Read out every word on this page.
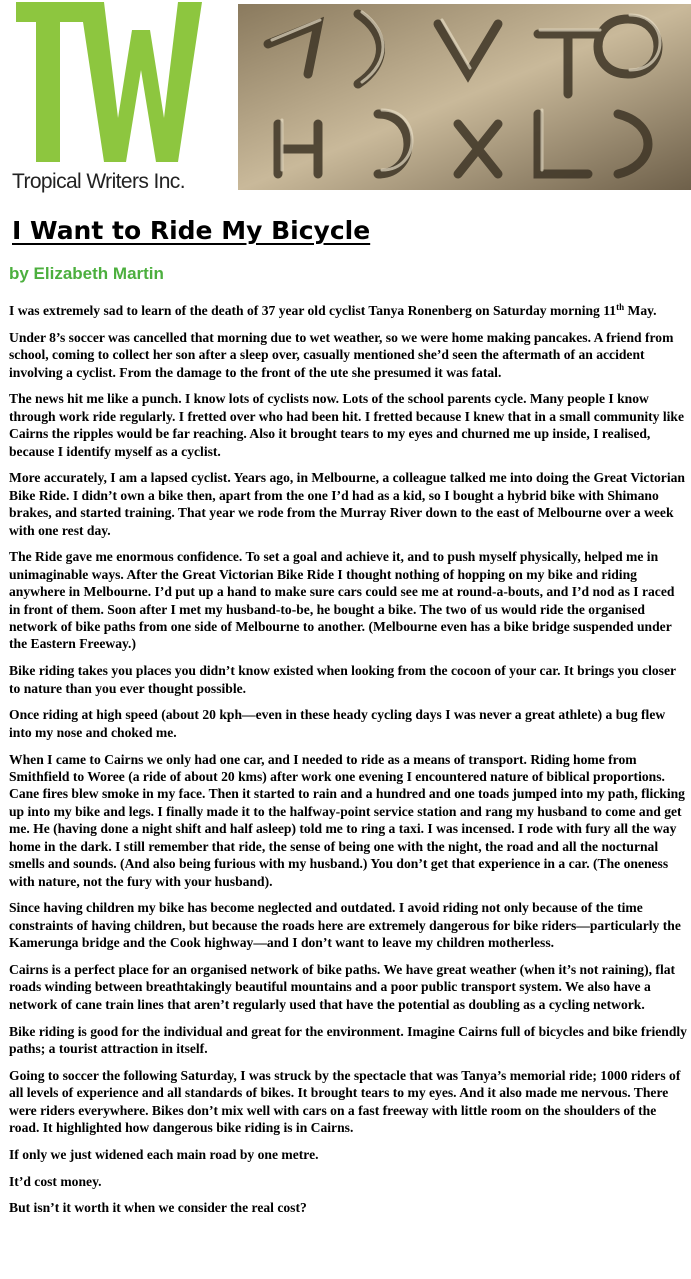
Tropical Writers Inc.
I Want to Ride My Bicycle
by Elizabeth Martin

I was extremely sad to learn of the death of 37 year old cyclist Tanya Ronenberg on Saturday morning 11th May.

Under 8’s soccer was cancelled that morning due to wet weather, so we were home making pancakes. A friend from school, coming to collect her son after a sleep over, casually mentioned she’d seen the aftermath of an accident involving a cyclist. From the damage to the front of the ute she presumed it was fatal.

The news hit me like a punch. I know lots of cyclists now. Lots of the school parents cycle. Many people I know through work ride regularly. I fretted over who had been hit. I fretted because I knew that in a small community like Cairns the ripples would be far reaching. Also it brought tears to my eyes and churned me up inside, I realised, because I identify myself as a cyclist.

More accurately, I am a lapsed cyclist. Years ago, in Melbourne, a colleague talked me into doing the Great Victorian Bike Ride. I didn’t own a bike then, apart from the one I’d had as a kid, so I bought a hybrid bike with Shimano brakes, and started training. That year we rode from the Murray River down to the east of Melbourne over a week with one rest day.

The Ride gave me enormous confidence. To set a goal and achieve it, and to push myself physically, helped me in unimaginable ways. After the Great Victorian Bike Ride I thought nothing of hopping on my bike and riding anywhere in Melbourne. I’d put up a hand to make sure cars could see me at round-a-bouts, and I’d nod as I raced in front of them. Soon after I met my husband-to-be, he bought a bike. The two of us would ride the organised network of bike paths from one side of Melbourne to another. (Melbourne even has a bike bridge suspended under the Eastern Freeway.)

Bike riding takes you places you didn’t know existed when looking from the cocoon of your car. It brings you closer to nature than you ever thought possible.

Once riding at high speed (about 20 kph—even in these heady cycling days I was never a great athlete) a bug flew into my nose and choked me.

When I came to Cairns we only had one car, and I needed to ride as a means of transport. Riding home from Smithfield to Woree (a ride of about 20 kms) after work one evening I encountered nature of biblical proportions. Cane fires blew smoke in my face. Then it started to rain and a hundred and one toads jumped into my path, flicking up into my bike and legs. I finally made it to the halfway-point service station and rang my husband to come and get me. He (having done a night shift and half asleep) told me to ring a taxi. I was incensed. I rode with fury all the way home in the dark. I still remember that ride, the sense of being one with the night, the road and all the nocturnal smells and sounds. (And also being furious with my husband.) You don’t get that experience in a car. (The oneness with nature, not the fury with your husband).

Since having children my bike has become neglected and outdated. I avoid riding not only because of the time constraints of having children, but because the roads here are extremely dangerous for bike riders—particularly the Kamerunga bridge and the Cook highway—and I don’t want to leave my children motherless.

Cairns is a perfect place for an organised network of bike paths. We have great weather (when it’s not raining), flat roads winding between breathtakingly beautiful mountains and a poor public transport system. We also have a network of cane train lines that aren’t regularly used that have the potential as doubling as a cycling network.

Bike riding is good for the individual and great for the environment. Imagine Cairns full of bicycles and bike friendly paths; a tourist attraction in itself.

Going to soccer the following Saturday, I was struck by the spectacle that was Tanya’s memorial ride; 1000 riders of all levels of experience and all standards of bikes. It brought tears to my eyes. And it also made me nervous. There were riders everywhere. Bikes don’t mix well with cars on a fast freeway with little room on the shoulders of the road. It highlighted how dangerous bike riding is in Cairns.

If only we just widened each main road by one metre.

It’d cost money.

But isn’t it worth it when we consider the real cost?
